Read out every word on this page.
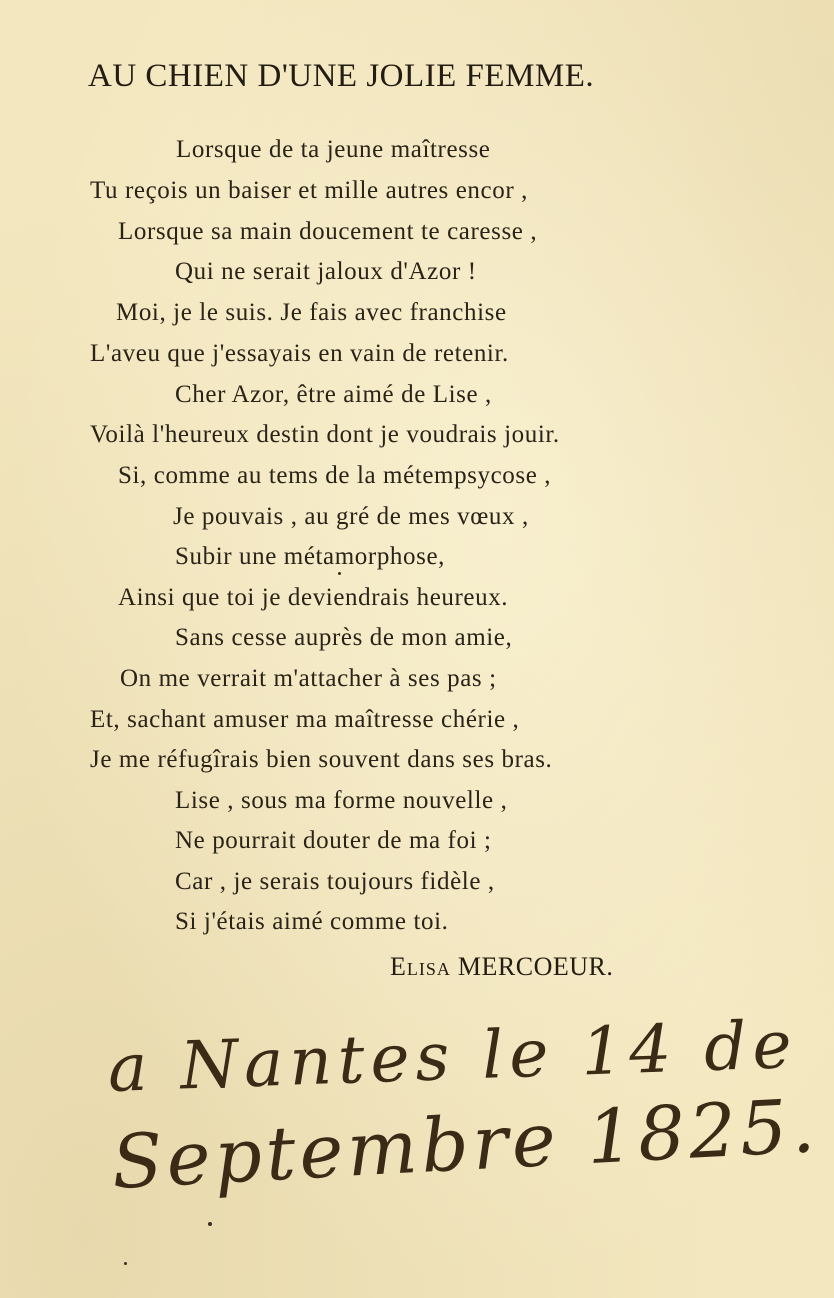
AU CHIEN D'UNE JOLIE FEMME.
Lorsque de ta jeune maîtresse
Tu reçois un baiser et mille autres encor ,
Lorsque sa main doucement te caresse ,
Qui ne serait jaloux d'Azor !
Moi, je le suis. Je fais avec franchise
L'aveu que j'essayais en vain de retenir.
Cher Azor, être aimé de Lise ,
Voilà l'heureux destin dont je voudrais jouir.
Si, comme au tems de la métempsycose ,
Je pouvais , au gré de mes vœux ,
Subir une métamorphose,
Ainsi que toi je deviendrais heureux.
Sans cesse auprès de mon amie,
On me verrait m'attacher à ses pas ;
Et, sachant amuser ma maîtresse chérie ,
Je me réfugîrais bien souvent dans ses bras.
Lise , sous ma forme nouvelle ,
Ne pourrait douter de ma foi ;
Car , je serais toujours fidèle ,
Si j'étais aimé comme toi.
Elisa MERCOEUR.
a Nantes le 14 de
Septembre 1825.
